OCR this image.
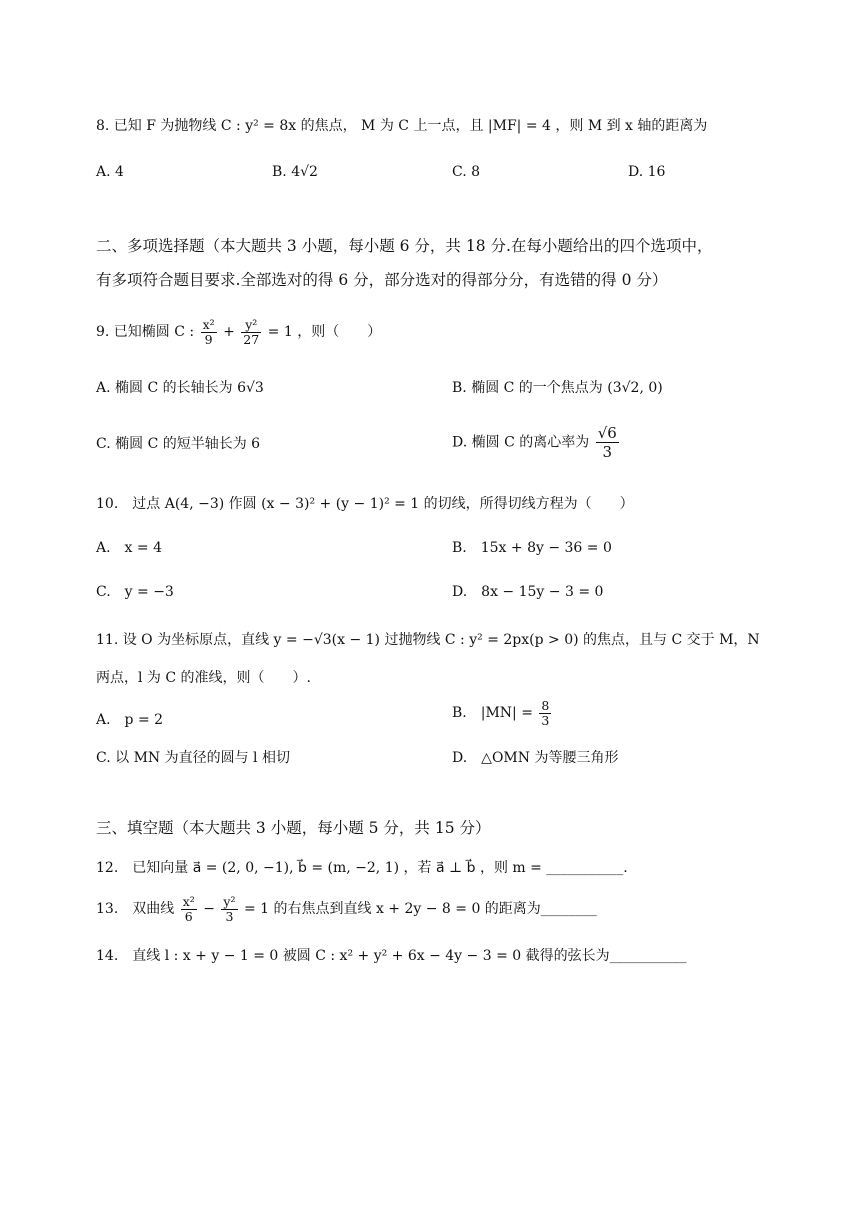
8. 已知 F 为抛物线 C : y² = 8x 的焦点， M 为 C 上一点，且 |MF| = 4 ，则 M 到 x 轴的距离为
A. 4	B. 4√2	C. 8	D. 16
二、多项选择题（本大题共 3 小题，每小题 6 分，共 18 分.在每小题给出的四个选项中，
有多项符合题目要求.全部选对的得 6 分，部分选对的得部分分，有选错的得 0 分）
9. 已知椭圆 C : $\frac{\text{x²}}{9} + \frac{\text{y²}}{27} = 1$ ，则（　　）
A. 椭圆 C 的长轴长为 6√3	B. 椭圆 C 的一个焦点为 (3√2, 0)
C. 椭圆 C 的短半轴长为 6	D. 椭圆 C 的离心率为 $\frac{√6}{3}$
10.　过点 A(4, −3) 作圆 (x − 3)² + (y − 1)² = 1 的切线，所得切线方程为（　　）
A.　x = 4	B.　15x + 8y − 36 = 0
C.　y = −3	D.　8x − 15y − 3 = 0
11. 设 O 为坐标原点，直线 y = −√3(x − 1) 过抛物线 C : y² = 2px(p > 0) 的焦点，且与 C 交于 M，N
两点，l 为 C 的准线，则（　　）.
A.　p = 2	B.　$|MN| = \frac{8}{3}$
C. 以 MN 为直径的圆与 l 相切	D.　△OMN 为等腰三角形
三、填空题（本大题共 3 小题，每小题 5 分，共 15 分）
12.　已知向量 a⃗ = (2, 0, −1), b⃗ = (m, −2, 1) ，若 a⃗ ⊥ b⃗ ，则 m = ___________.
13.　双曲线 $\frac{\text{x²}}{6} - \frac{\text{y²}}{3} = 1$ 的右焦点到直线 x + 2y − 8 = 0 的距离为________
14.　直线 l : x + y − 1 = 0 被圆 C : x² + y² + 6x − 4y − 3 = 0 截得的弦长为___________
